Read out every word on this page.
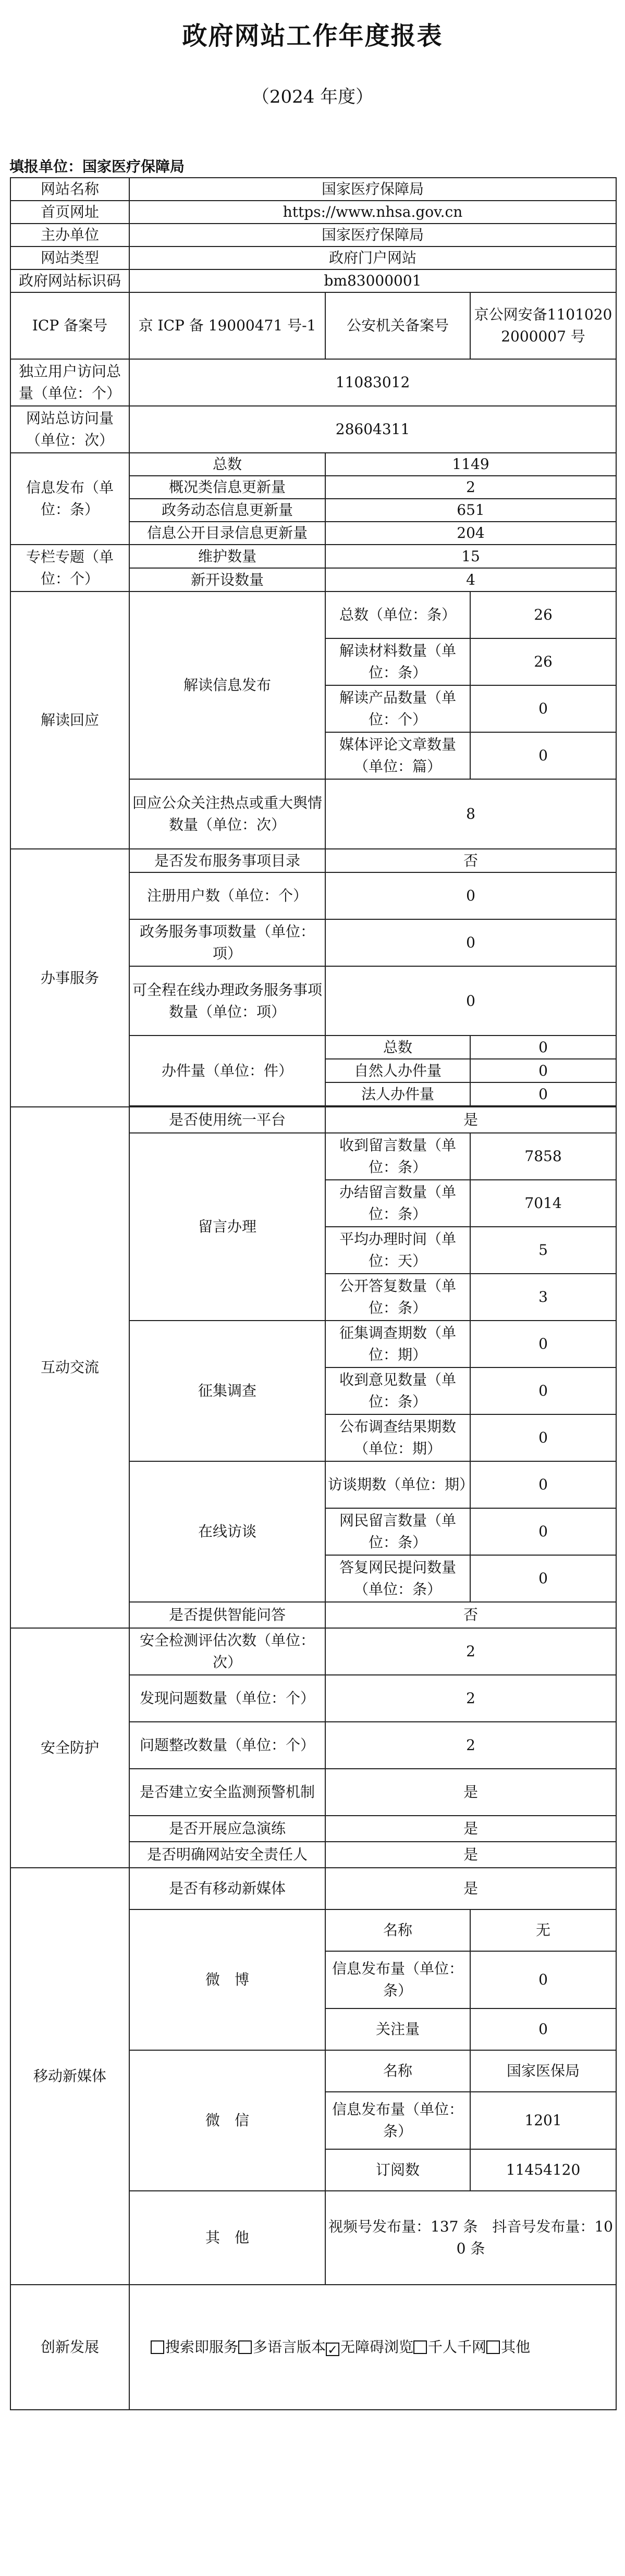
政府网站工作年度报表
（2024 年度）
填报单位：国家医疗保障局
网站名称	国家医疗保障局		
首页网址	https://www.nhsa.gov.cn		
主办单位	国家医疗保障局		
网站类型	政府门户网站		
政府网站标识码	bm83000001		
ICP 备案号	京 ICP 备 19000471 号-1	公安机关备案号	京公网安备11010202000007 号
独立用户访问总量（单位：个）	11083012		
网站总访问量（单位：次）	28604311		
信息发布（单位：条）	总数	1149	
	概况类信息更新量	2	
	政务动态信息更新量	651	
	信息公开目录信息更新量	204	
专栏专题（单位：个）	维护数量	15	
	新开设数量	4	
解读回应	解读信息发布	总数（单位：条）	26
		解读材料数量（单位：条）	26
		解读产品数量（单位：个）	0
		媒体评论文章数量（单位：篇）	0
	回应公众关注热点或重大舆情数量（单位：次）	8	
办事服务	是否发布服务事项目录	否	
	注册用户数（单位：个）	0	
	政务服务事项数量（单位：项）	0	
	可全程在线办理政务服务事项数量（单位：项）	0	
	办件量（单位：件）	总数	0
		自然人办件量	0
		法人办件量	0

互动交流	是否使用统一平台	是	
	留言办理	收到留言数量（单位：条）	7858
		办结留言数量（单位：条）	7014
		平均办理时间（单位：天）	5
		公开答复数量（单位：条）	3
	征集调查	征集调查期数（单位：期）	0
		收到意见数量（单位：条）	0
		公布调查结果期数（单位：期）	0
	在线访谈	访谈期数（单位：期）	0
		网民留言数量（单位：条）	0
		答复网民提问数量（单位：条）	0
	是否提供智能问答	否	
安全防护	安全检测评估次数（单位：次）	2	
	发现问题数量（单位：个）	2	
	问题整改数量（单位：个）	2	
	是否建立安全监测预警机制	是	
	是否开展应急演练	是	
	是否明确网站安全责任人	是	
移动新媒体	是否有移动新媒体	是	
	微　博	名称	无
		信息发布量（单位：条）	0
		关注量	0
	微　信	名称	国家医保局
		信息发布量（单位：条）	1201
		订阅数	11454120
	其　他	视频号发布量：137 条　抖音号发布量：100 条	
创新发展	搜索即服务 多语言版本 ✓ 无障碍浏览 千人千网 其他		
